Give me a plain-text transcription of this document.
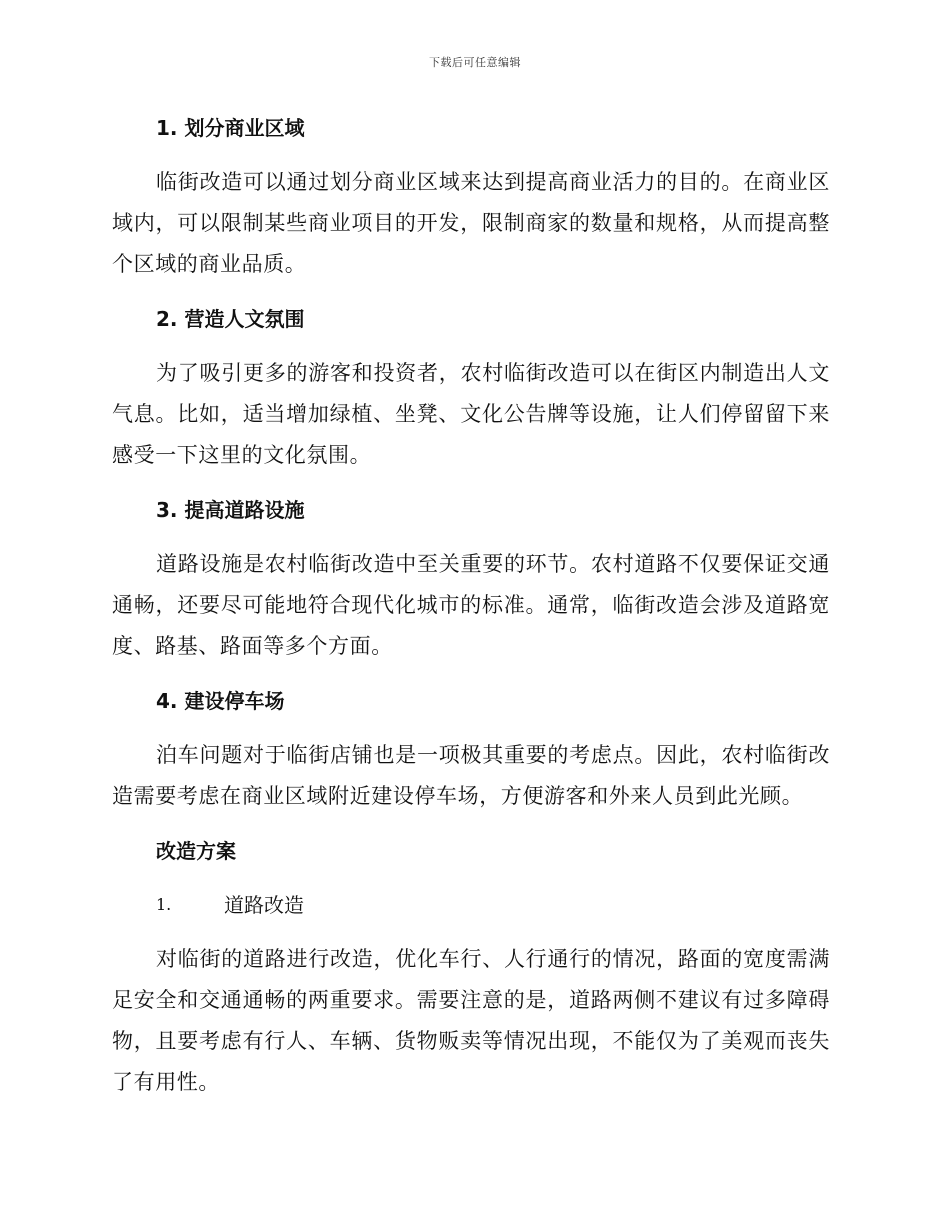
下载后可任意编辑
1. 划分商业区域
临街改造可以通过划分商业区域来达到提高商业活力的目的。在商业区域内，可以限制某些商业项目的开发，限制商家的数量和规格，从而提高整个区域的商业品质。
2. 营造人文氛围
为了吸引更多的游客和投资者，农村临街改造可以在街区内制造出人文气息。比如，适当增加绿植、坐凳、文化公告牌等设施，让人们停留留下来感受一下这里的文化氛围。
3. 提高道路设施
道路设施是农村临街改造中至关重要的环节。农村道路不仅要保证交通通畅，还要尽可能地符合现代化城市的标准。通常，临街改造会涉及道路宽度、路基、路面等多个方面。
4. 建设停车场
泊车问题对于临街店铺也是一项极其重要的考虑点。因此，农村临街改造需要考虑在商业区域附近建设停车场，方便游客和外来人员到此光顾。
改造方案
1.	道路改造
对临街的道路进行改造，优化车行、人行通行的情况，路面的宽度需满足安全和交通通畅的两重要求。需要注意的是，道路两侧不建议有过多障碍物，且要考虑有行人、车辆、货物贩卖等情况出现，不能仅为了美观而丧失了有用性。
